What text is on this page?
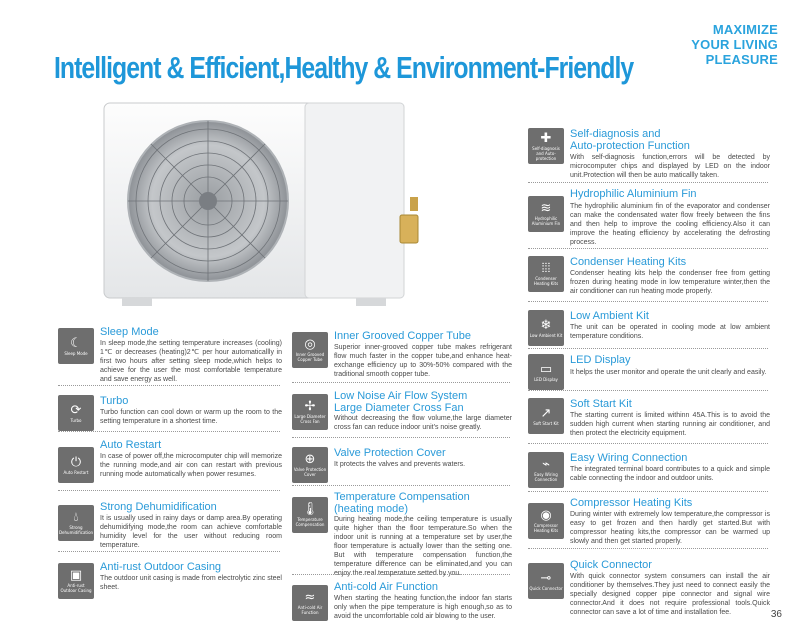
MAXIMIZE
YOUR LIVING
PLEASURE
Intelligent & Efficient,Healthy & Environment-Friendly
✚
Self-diagnosis and Auto-protection
Self-diagnosis and
Auto-protection Function
With self-diagnosis function,errors will be detected by microcomputer chips and displayed by LED on the indoor unit.Protection will then be auto maticallly taken.
≋
Hydrophilic Aluminium Fin
Hydrophilic Aluminium Fin
The hydrophilic aluminium fin of the evaporator and condenser can make the condensated water flow freely between the fins and then help to improve the cooling efficiency.Also it can improve the heating efficiency by accelerating the defrosting process.
⦙⦙⦙
Condenser Heating Kits
Condenser Heating Kits
Condenser heating kits help the condenser free from getting frozen during heating mode in low temperature winter,then the air conditioner can run heating mode properly.
❄
Low Ambient Kit
Low Ambient Kit
The unit can be operated in cooling mode at low ambient temperature conditions.
▭
LED Display
LED Display
It helps the user monitor and operate the unit clearly and easily.
↗
Soft Start Kit
Soft Start Kit
The starting current is limited withinn 45A.This is to avoid the sudden high current when starting running air conditioner, and then protect the electricity equipment.
⌁
Easy Wiring Connection
Easy Wiring Connection
The integrated terminal board contributes to a quick and simple cable connecting the indoor and outdoor units.
◉
Compressor Heating Kits
Compressor Heating Kits
During winter with extremely low temperature,the compressor is easy to get frozen and then hardly get started.But with compressor heating kits,the compressor can be warmed up slowly and then get started properly.
⊸
Quick Connector
Quick Connector
With quick connector system consumers can install the air conditioner by themselves.They just need to connect easily the specially designed copper pipe connector and signal wire connector.And it does not require professional tools.Quick connector can save a lot of time and installation fee.
☾
Sleep Mode
Sleep Mode
In sleep mode,the setting temperature increases (cooling) 1℃ or decreases (heating)2℃ per hour automaticallly in first two hours after setting sleep mode,which helps to achieve for the user the most comfortable temperature and save energy as well.
⟳
Turbo
Turbo
Turbo function can cool down or warm up the room to the setting temperature in a shortest time.
⏻
Auto Restart
Auto Restart
In case of power off,the microcomputer chip will memorize the running mode,and air con can restart with previous running mode automatically when power resumes.
💧︎
Strong Dehumidification
Strong Dehumidification
It is usually used in rainy days or damp area.By operating dehumidifying mode,the room can achieve comfortable humidity level for the user without reducing room temperature.
▣
Anti-rust Outdoor Casing
Anti-rust Outdoor Casing
The outdoor unit casing is made from electrolytic zinc steel sheet.
◎
Inner Grooved Copper Tube
Inner Grooved Copper Tube
Superior inner-grooved copper tube makes refrigerant flow much faster in the copper tube,and enhance heat-exchange efficiency up to 30%-50% compared with the traditional smooth copper tube.
✢
Large Diameter Cross Fan
Low Noise Air Flow System
Large Diameter Cross Fan
Without decreasing the flow volume,the large diameter cross fan can reduce indoor unit's noise greatly.
⊕
Valve Protection Cover
Valve Protection Cover
It protects the valves and prevents waters.
🌡︎
Temperature Compensation
Temperature Compensation
(heating mode)
During heating mode,the ceiling temperature is usually quite higher than the floor temperature.So when the indoor unit is running at a temperature set by user,the floor temperature is actually lower than the setting one. But with temperature compensation function,the temperature difference can be eliminated,and you can enjoy the real temperature setted by you.
≈
Anti-cold Air Function
Anti-cold Air Function
When starting the heating function,the indoor fan starts only when the pipe temperature is high enough,so as to avoid the uncomfortable cold air blowing to the user.	36
